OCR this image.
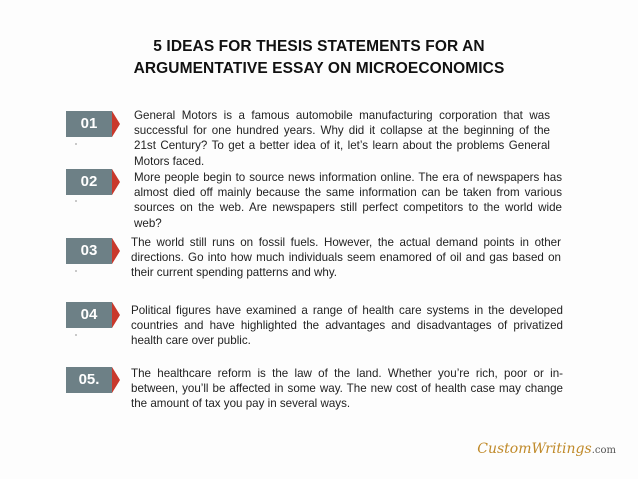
5 IDEAS FOR THESIS STATEMENTS FOR AN
ARGUMENTATIVE ESSAY ON MICROECONOMICS
01	General Motors is a famous automobile manufacturing corporation that was successful for one hundred years. Why did it collapse at the beginning of the 21st Century? To get a better idea of it, let’s learn about the problems General Motors faced.
02	More people begin to source news information online. The era of newspapers has almost died off mainly because the same information can be taken from various sources on the web. Are newspapers still perfect competitors to the world wide web?
03	The world still runs on fossil fuels. However, the actual demand points in other directions. Go into how much individuals seem enamored of oil and gas based on their current spending patterns and why.
04	Political figures have examined a range of health care systems in the developed countries and have highlighted the advantages and disadvantages of privatized health care over public.
05.	The healthcare reform is the law of the land. Whether you’re rich, poor or in-between, you’ll be affected in some way. The new cost of health case may change the amount of tax you pay in several ways.
CustomWritings.com
